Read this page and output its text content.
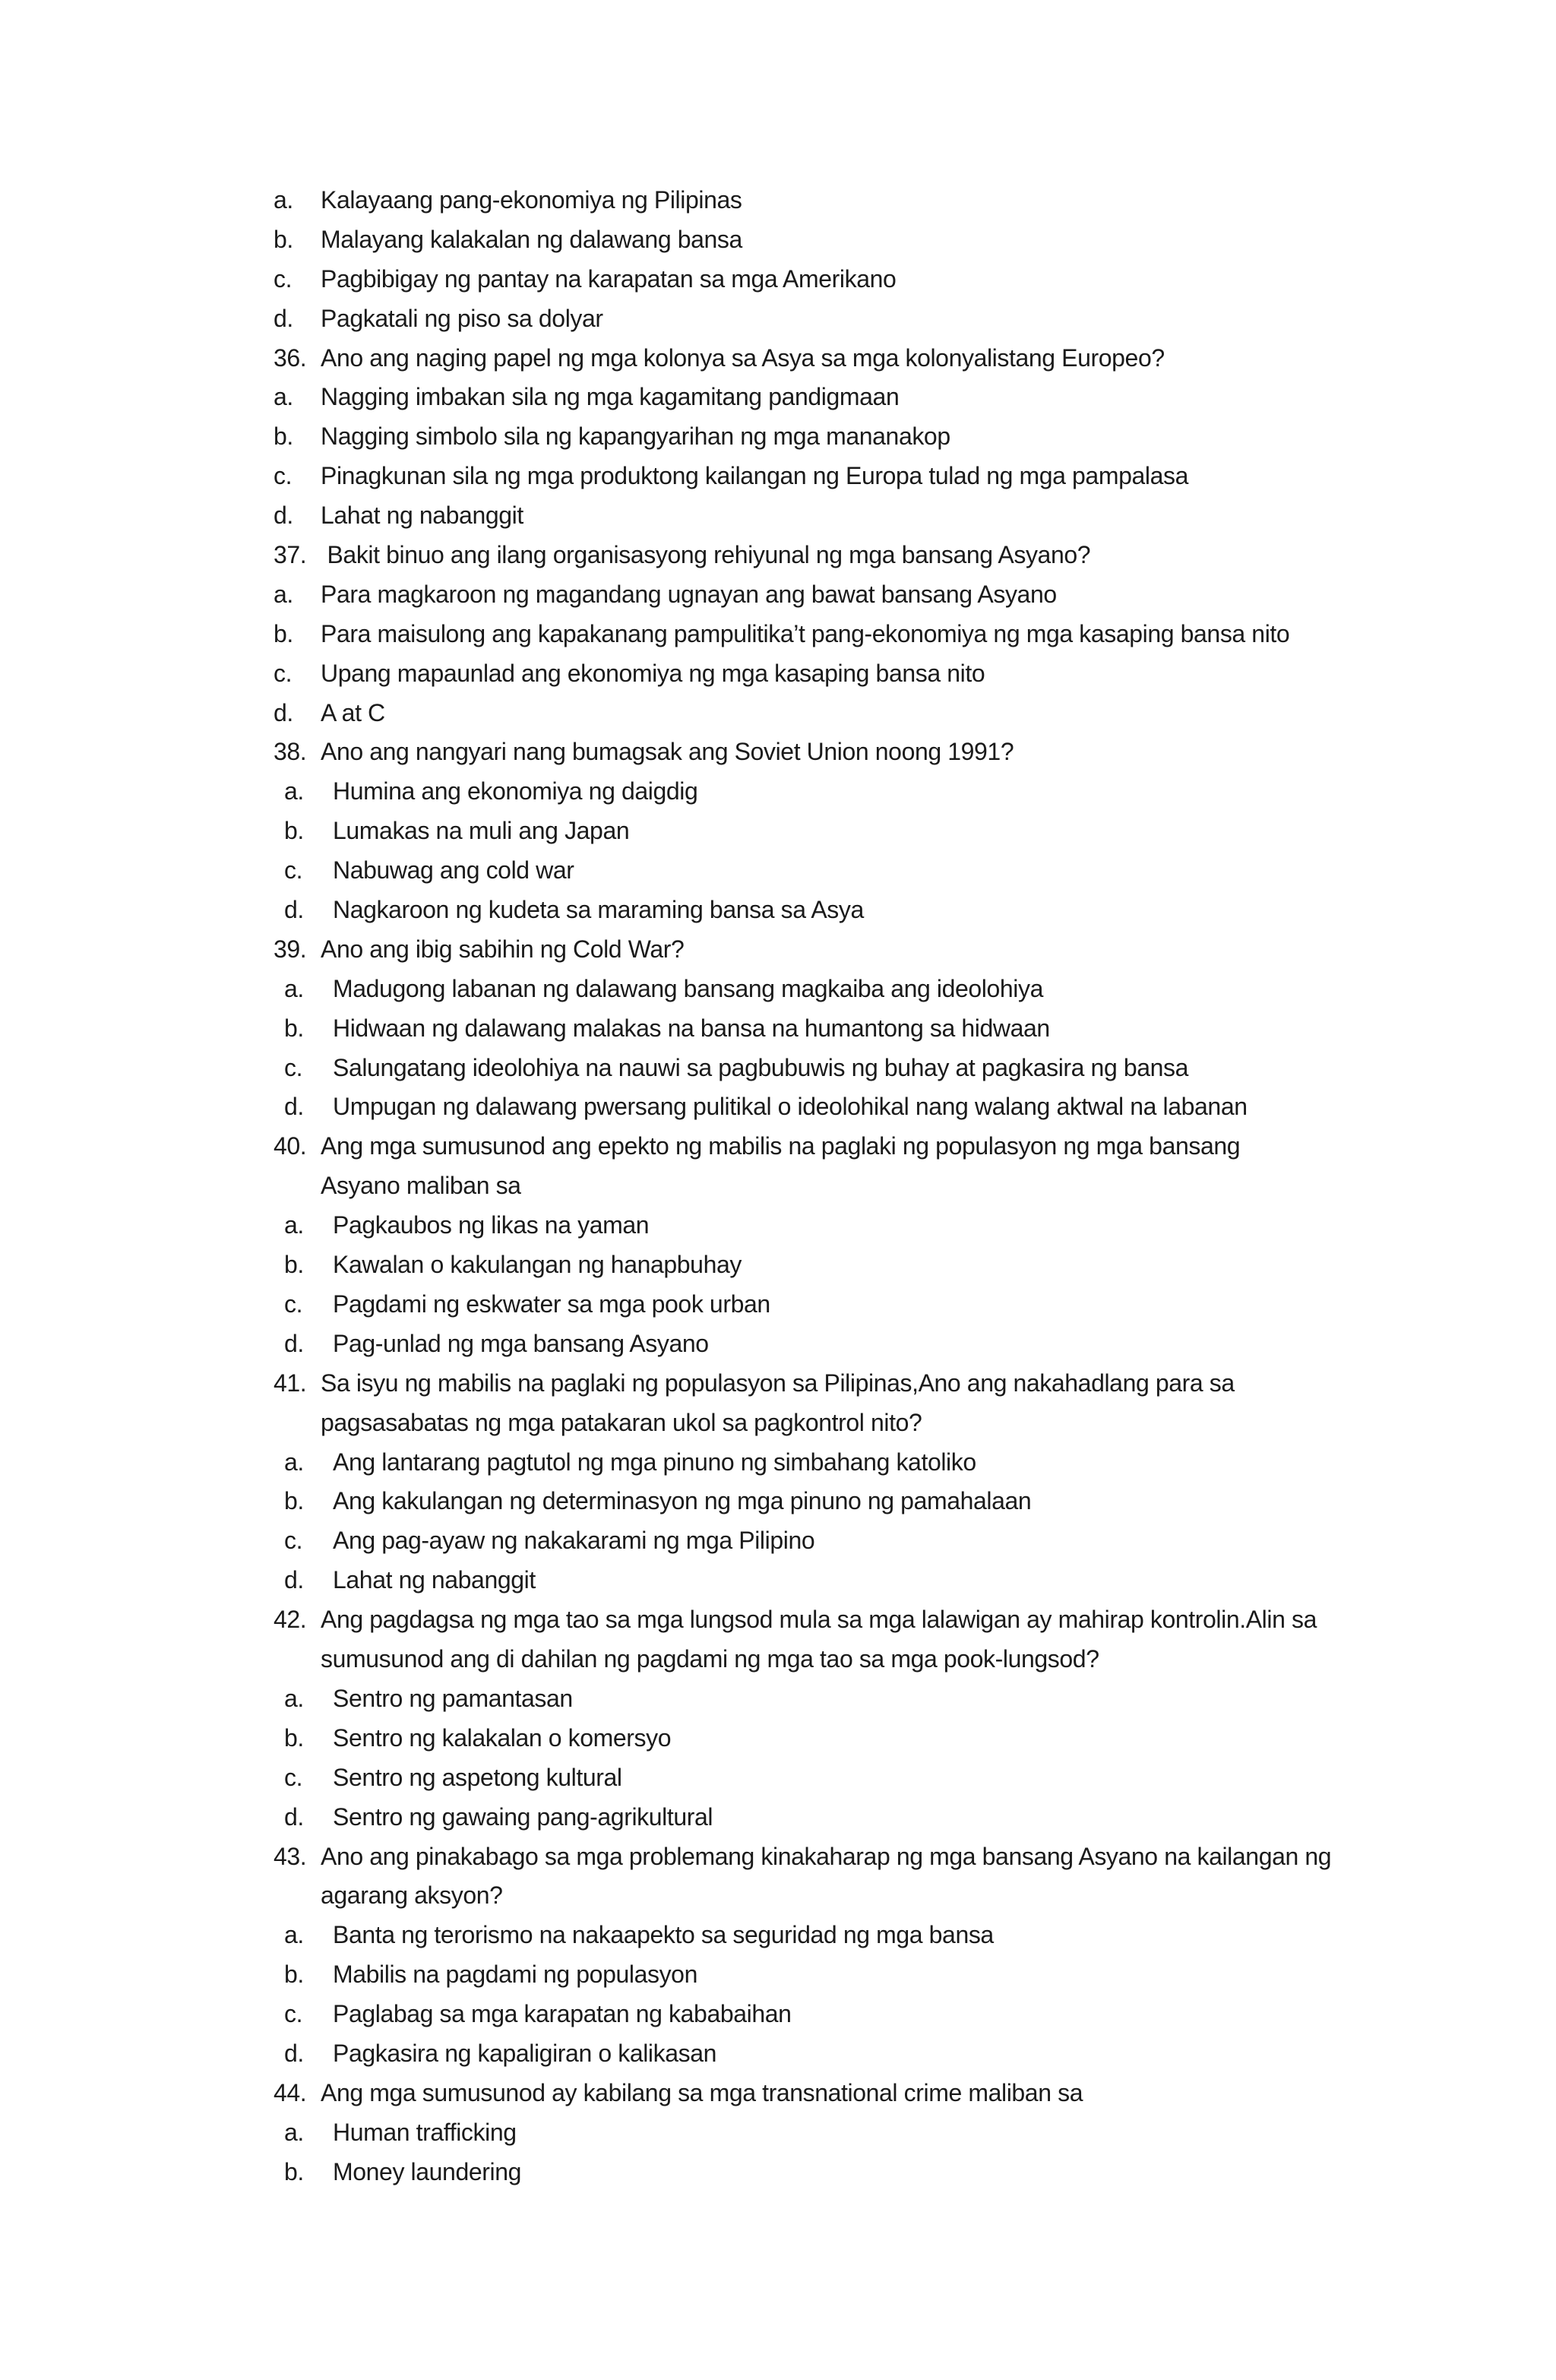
a.	Kalayaang pang-ekonomiya ng Pilipinas
b.	Malayang kalakalan ng dalawang bansa
c.	Pagbibigay ng pantay na karapatan sa mga Amerikano
d.	Pagkatali ng piso sa dolyar
36. Ano ang naging papel ng mga kolonya sa Asya sa mga kolonyalistang Europeo?
a.	Nagging imbakan sila ng mga kagamitang pandigmaan
b.	Nagging simbolo sila ng kapangyarihan ng mga mananakop
c.	Pinagkunan sila ng mga produktong kailangan ng Europa tulad ng mga pampalasa
d.	Lahat ng nabanggit
37. Bakit binuo ang ilang organisasyong rehiyunal ng mga bansang Asyano?
a.	Para magkaroon ng magandang ugnayan ang bawat bansang Asyano
b.	Para maisulong ang kapakanang pampulitika’t pang-ekonomiya ng mga kasaping bansa nito
c.	Upang mapaunlad ang ekonomiya ng mga kasaping bansa nito
d.	A at C
38. Ano ang nangyari nang bumagsak ang Soviet Union noong 1991?
a.	Humina ang ekonomiya ng daigdig
b.	Lumakas na muli ang Japan
c.	Nabuwag ang cold war
d.	Nagkaroon ng kudeta sa maraming bansa sa Asya
39. Ano ang ibig sabihin ng Cold War?
a.	Madugong labanan ng dalawang bansang magkaiba ang ideolohiya
b.	Hidwaan ng dalawang malakas na bansa na humantong sa hidwaan
c.	Salungatang ideolohiya na nauwi sa pagbubuwis ng buhay at pagkasira ng bansa
d.	Umpugan ng dalawang pwersang pulitikal o ideolohikal nang walang aktwal na labanan
40. Ang mga sumusunod ang epekto ng mabilis na paglaki ng populasyon ng mga bansang Asyano maliban sa
a.	Pagkaubos ng likas na yaman
b.	Kawalan o kakulangan ng hanapbuhay
c.	Pagdami ng eskwater sa mga pook urban
d.	Pag-unlad ng mga bansang Asyano
41. Sa isyu ng mabilis na paglaki ng populasyon sa Pilipinas,Ano ang nakahadlang para sa pagsasabatas ng mga patakaran ukol sa pagkontrol nito?
a.	Ang lantarang pagtutol ng mga pinuno ng simbahang katoliko
b.	Ang kakulangan ng determinasyon ng mga pinuno ng pamahalaan
c.	Ang pag-ayaw ng nakakarami ng mga Pilipino
d.	Lahat ng nabanggit
42. Ang pagdagsa ng mga tao sa mga lungsod mula sa mga lalawigan ay mahirap kontrolin.Alin sa sumusunod ang di dahilan ng pagdami ng mga tao sa mga pook-lungsod?
a.	Sentro ng pamantasan
b.	Sentro ng kalakalan o komersyo
c.	Sentro ng aspetong kultural
d.	Sentro ng gawaing pang-agrikultural
43. Ano ang pinakabago sa mga problemang kinakaharap ng mga bansang Asyano na kailangan ng agarang aksyon?
a.	Banta ng terorismo na nakaapekto sa seguridad ng mga bansa
b.	Mabilis na pagdami ng populasyon
c.	Paglabag sa mga karapatan ng kababaihan
d.	Pagkasira ng kapaligiran o kalikasan
44. Ang mga sumusunod ay kabilang sa mga transnational crime maliban sa
a.	Human trafficking
b.	Money laundering
